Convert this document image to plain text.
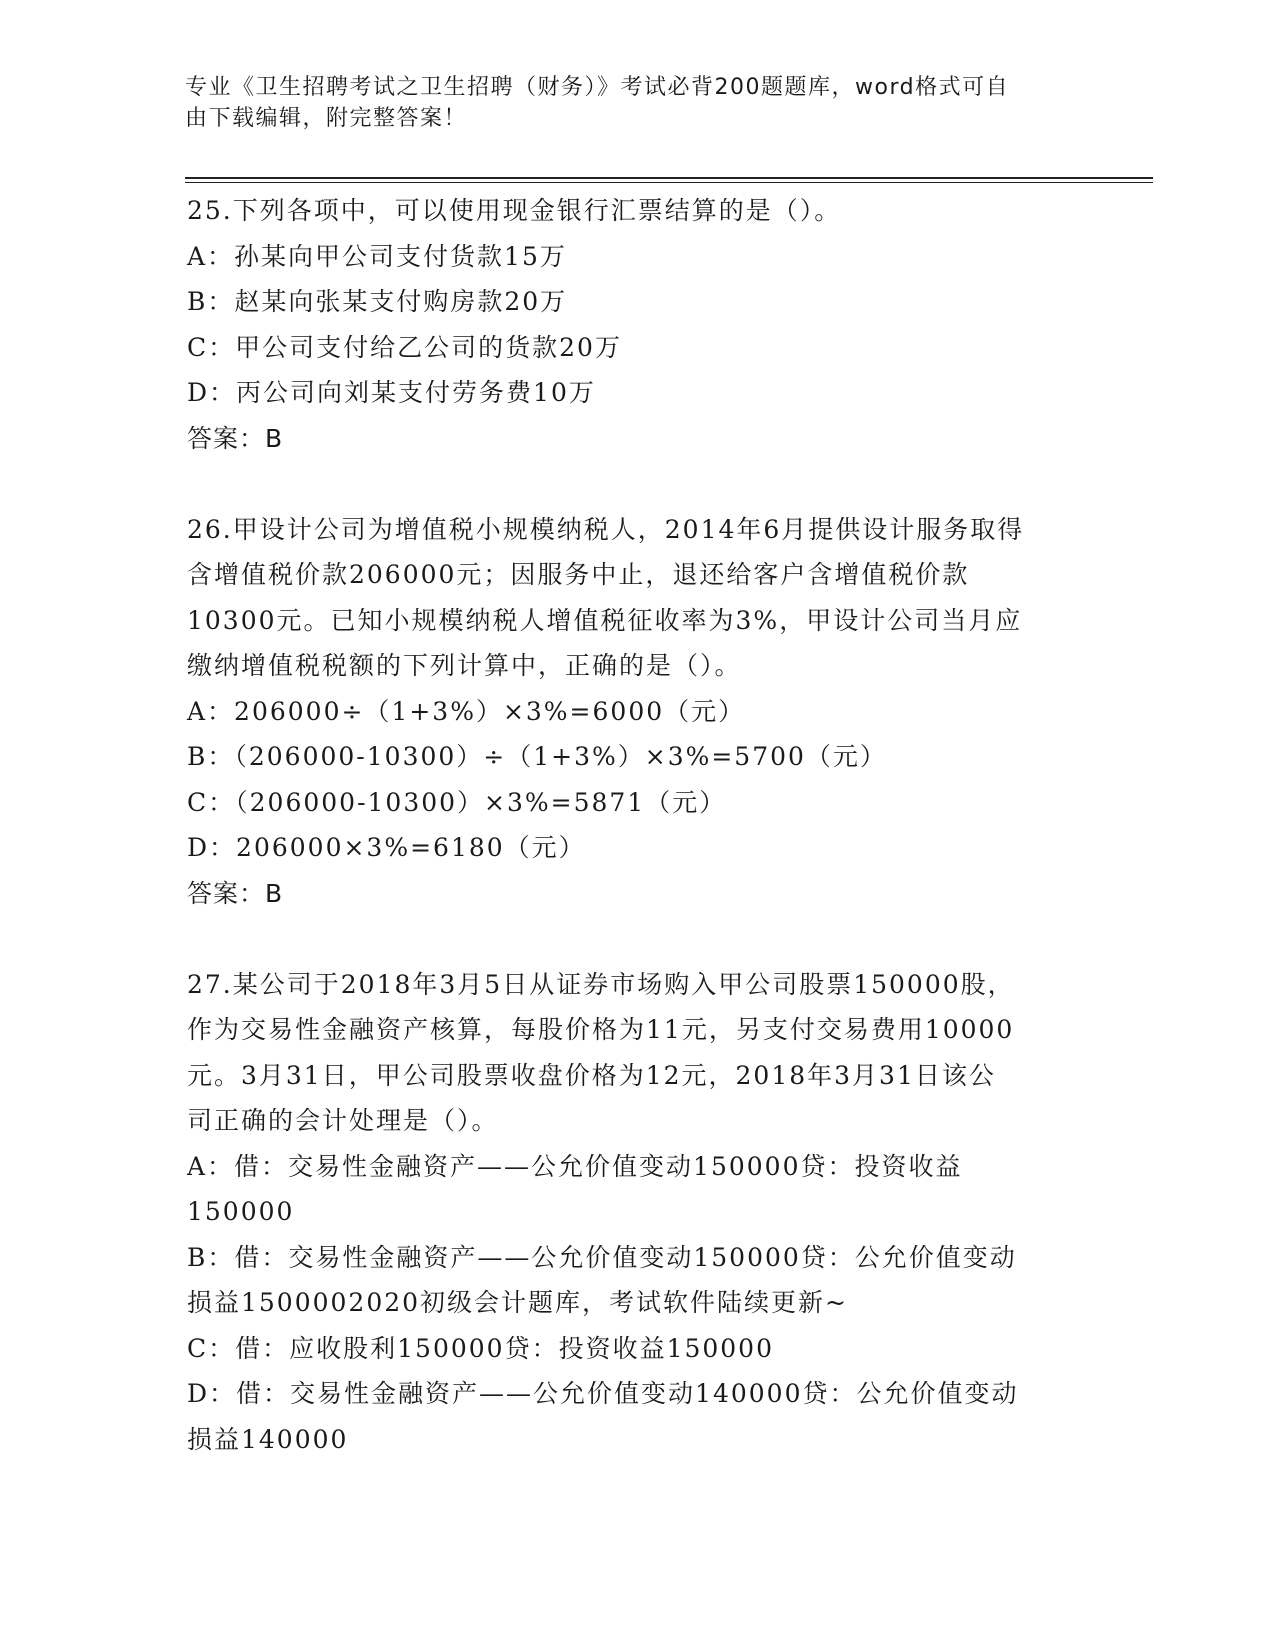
专业《卫生招聘考试之卫生招聘（财务）》考试必背200题题库，word格式可自
由下载编辑，附完整答案！
25.下列各项中，可以使用现金银行汇票结算的是（）。
A：孙某向甲公司支付货款15万
B：赵某向张某支付购房款20万
C：甲公司支付给乙公司的货款20万
D：丙公司向刘某支付劳务费10万
答案：B
26.甲设计公司为增值税小规模纳税人，2014年6月提供设计服务取得
含增值税价款206000元；因服务中止，退还给客户含增值税价款
10300元。已知小规模纳税人增值税征收率为3%，甲设计公司当月应
缴纳增值税税额的下列计算中，正确的是（）。
A：206000÷（1+3%）×3%=6000（元）
B：（206000-10300）÷（1+3%）×3%=5700（元）
C：（206000-10300）×3%=5871（元）
D：206000×3%=6180（元）
答案：B
27.某公司于2018年3月5日从证券市场购入甲公司股票150000股，
作为交易性金融资产核算，每股价格为11元，另支付交易费用10000
元。3月31日，甲公司股票收盘价格为12元，2018年3月31日该公
司正确的会计处理是（）。
A：借：交易性金融资产——公允价值变动150000贷：投资收益
150000
B：借：交易性金融资产——公允价值变动150000贷：公允价值变动
损益1500002020初级会计题库，考试软件陆续更新~
C：借：应收股利150000贷：投资收益150000
D：借：交易性金融资产——公允价值变动140000贷：公允价值变动
损益140000
